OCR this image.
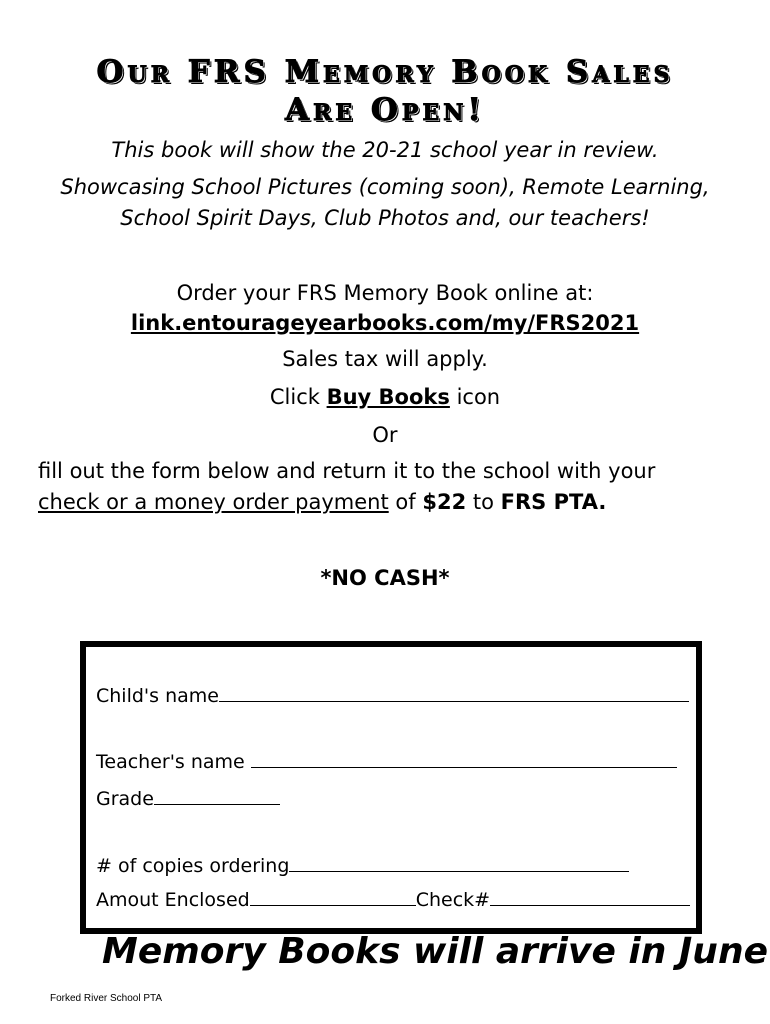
Our FRS Memory Book Sales
Are Open!
This book will show the 20-21 school year in review.
Showcasing School Pictures (coming soon), Remote Learning,
School Spirit Days, Club Photos and, our teachers!
Order your FRS Memory Book online at:
link.entourageyearbooks.com/my/FRS2021
Sales tax will apply.
Click Buy Books icon
Or
fill out the form below and return it to the school with your
check or a money order payment of $22 to FRS PTA.
*NO CASH*
Child's name
Teacher's name
Grade
# of copies ordering
Amout Enclosed	Check#
Memory Books will arrive in June
Forked River School PTA
